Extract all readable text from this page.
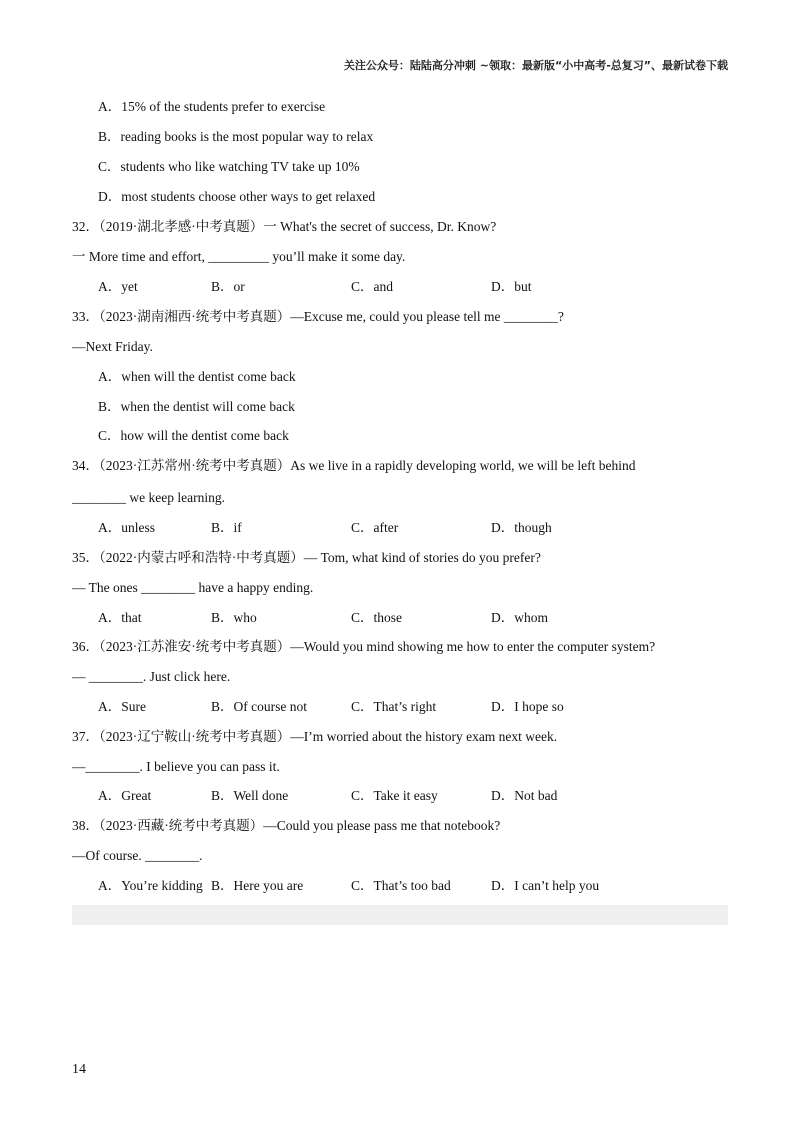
关注公众号：陆陆高分冲刺 ~领取：最新版“小中高考-总复习”、最新试卷下载
A．15% of the students prefer to exercise
B．reading books is the most popular way to relax
C．students who like watching TV take up 10%
D．most students choose other ways to get relaxed
32．（2019·湖北孝感·中考真题）一 What's the secret of success, Dr. Know?
一 More time and effort, _________ you’ll make it some day.
A．yet	B．or	C．and	D．but
33．（2023·湖南湘西·统考中考真题）—Excuse me, could you please tell me ________?
—Next Friday.
A．when will the dentist come back
B．when the dentist will come back
C．how will the dentist come back
34．（2023·江苏常州·统考中考真题）As we live in a rapidly developing world, we will be left behind
________ we keep learning.
A．unless	B．if	C．after	D．though
35．（2022·内蒙古呼和浩特·中考真题）— Tom, what kind of stories do you prefer?
— The ones ________ have a happy ending.
A．that	B．who	C．those	D．whom
36．（2023·江苏淮安·统考中考真题）—Would you mind showing me how to enter the computer system?
— ________. Just click here.
A．Sure	B．Of course not	C．That’s right	D．I hope so
37．（2023·辽宁鞍山·统考中考真题）—I’m worried about the history exam next week.
—________. I believe you can pass it.
A．Great	B．Well done	C．Take it easy	D．Not bad
38．（2023·西藏·统考中考真题）—Could you please pass me that notebook?
—Of course. ________.
A．You’re kidding B．Here you are	C．That’s too bad	D．I can’t help you
14
